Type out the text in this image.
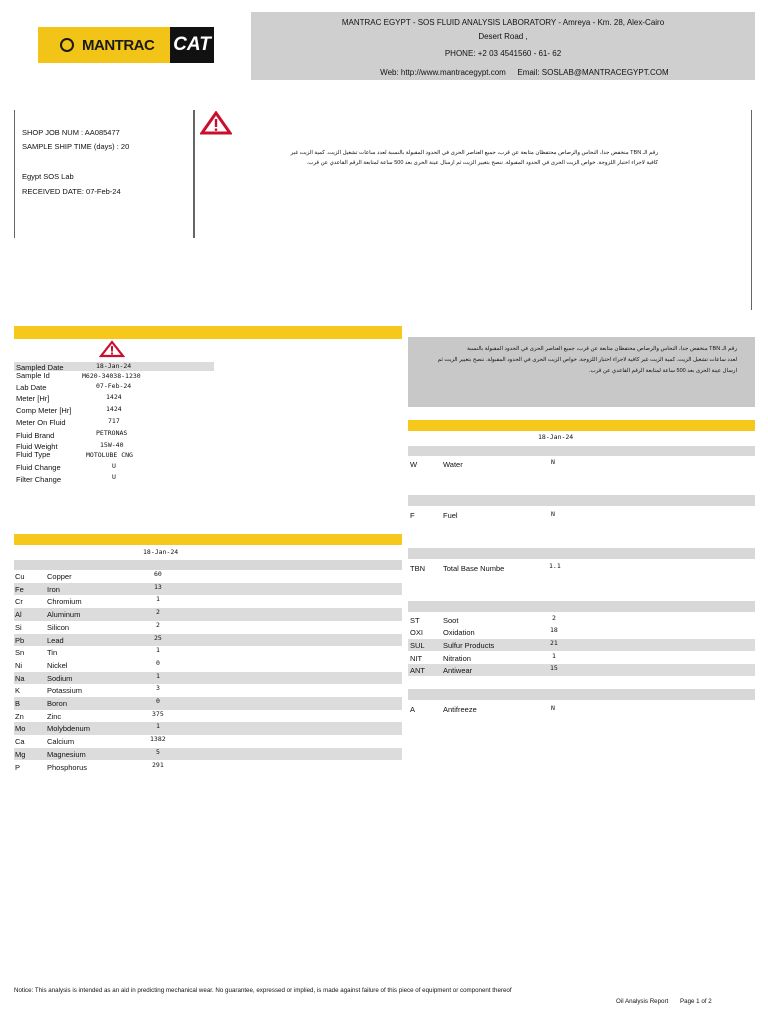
MANTRAC CAT
MANTRAC EGYPT - SOS FLUID ANALYSIS LABORATORY - Amreya - Km. 28, Alex-Cairo
Desert Road ,
PHONE: +2 03 4541560 - 61- 62
Web: http://www.mantracegypt.com	Email: SOSLAB@MANTRACEGYPT.COM
SHOP JOB NUM : AA085477
SAMPLE SHIP TIME (days) : 20
Egypt SOS Lab
RECEIVED DATE: 07-Feb-24
رقم الـ TBN منخفض جدا، النحاس والرصاص محتفظان متابعة عن قرب، جميع العناصر الحرى في الحدود المقبولة بالنسبة لعدد ساعات تشغيل الزيت. كمية الزيت غير
كافية لاجراء اختبار اللزوجة. خواص الزيت الحرى في الحدود المقبولة. ننصح بتغيير الزيت ثم ارسال عينة الحرى بعد 500 ساعة لمتابعة الرقم القاعدي عن قرب.
Sampled Date	18-Jan-24
Sample Id	M620-34038-1230
Lab Date	07-Feb-24
Meter [Hr]	1424
Comp Meter [Hr]	1424
Meter On Fluid	717
Fluid Brand	PETRONAS
Fluid Weight	15W-40
Fluid Type	MOTOLUBE CNG
Fluid Change	U
Filter Change	U
رقم الـ TBN منخفض جدا، النحاس والرصاص محتفظان متابعة عن قرب، جميع العناصر الحرى في الحدود المقبولة بالنسبة
لعدد ساعات تشغيل الزيت. كمية الزيت غير كافية لاجراء اختبار اللزوجة. خواص الزيت الحرى في الحدود المقبولة. ننصح بتغيير الزيت ثم
ارسال عينة الحرى بعد 500 ساعة لمتابعة الرقم القاعدي عن قرب.
18-Jan-24
W	Water	N
F	Fuel	N
TBN Total Base Numbe	1.1
ST	Soot	2
OXI	Oxidation	18
SUL Sulfur Products	21
NIT	Nitration	1
ANT Antiwear	15
A	Antifreeze	N
18-Jan-24
Cu	Copper	60
Fe	Iron	13
Cr	Chromium	1
Al	Aluminum	2
Si	Silicon	2
Pb	Lead	25
Sn	Tin	1
Ni	Nickel	0
Na	Sodium	1
K	Potassium	3
B	Boron	0
Zn	Zinc	375
Mo	Molybdenum	1
Ca	Calcium	1382
Mg	Magnesium	5
P	Phosphorus	291
Notice: This analysis is intended as an aid in predicting mechanical wear. No guarantee, expressed or implied, is made against failure of this piece of equipment or component thereof
Oil Analysis Report Page 1 of 2
